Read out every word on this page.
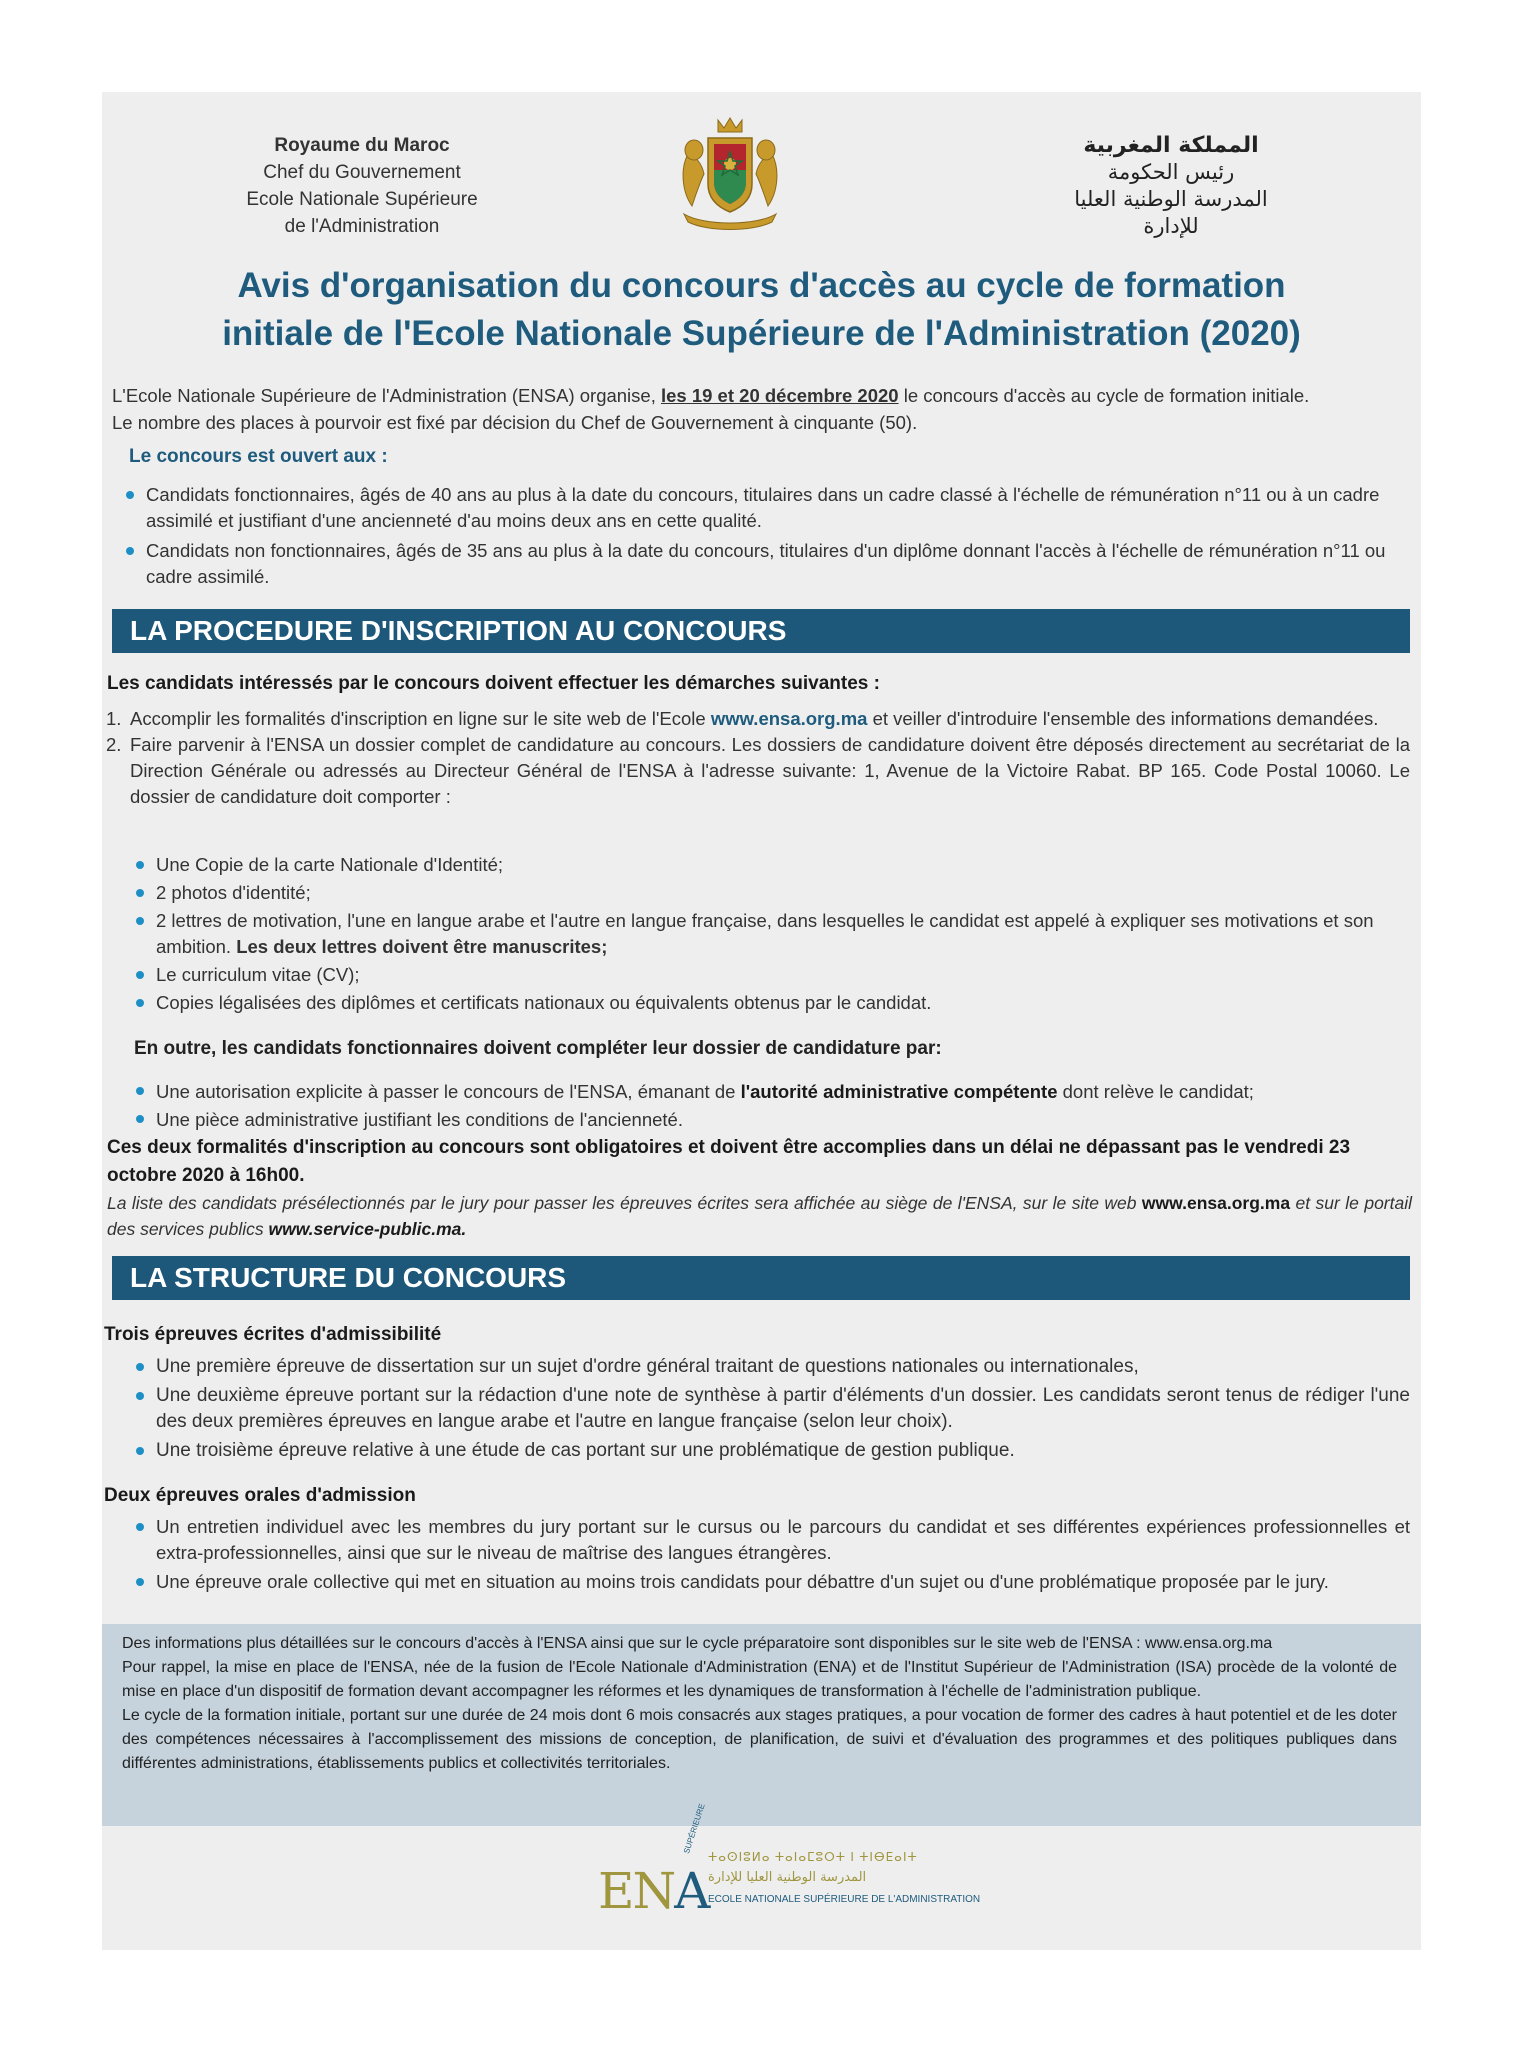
Royaume du Maroc
Chef du Gouvernement
Ecole Nationale Supérieure
de l'Administration
المملكة المغربية
رئيس الحكومة
المدرسة الوطنية العليا
للإدارة
Avis d'organisation du concours d'accès au cycle de formation
initiale de l'Ecole Nationale Supérieure de l'Administration (2020)
L'Ecole Nationale Supérieure de l'Administration (ENSA) organise, les 19 et 20 décembre 2020 le concours d'accès au cycle de formation initiale.
Le nombre des places à pourvoir est fixé par décision du Chef de Gouvernement à cinquante (50).
Le concours est ouvert aux :
Candidats fonctionnaires, âgés de 40 ans au plus à la date du concours, titulaires dans un cadre classé à l'échelle de rémunération n°11 ou à un cadre assimilé et justifiant d'une ancienneté d'au moins deux ans en cette qualité.
Candidats non fonctionnaires, âgés de 35 ans au plus à la date du concours, titulaires d'un diplôme donnant l'accès à l'échelle de rémunération n°11 ou cadre assimilé.
LA PROCEDURE D'INSCRIPTION AU CONCOURS
Les candidats intéressés par le concours doivent effectuer les démarches suivantes :
1. Accomplir les formalités d'inscription en ligne sur le site web de l'Ecole www.ensa.org.ma et veiller d'introduire l'ensemble des informations demandées.
2. Faire parvenir à l'ENSA un dossier complet de candidature au concours. Les dossiers de candidature doivent être déposés directement au secrétariat de la Direction Générale ou adressés au Directeur Général de l'ENSA à l'adresse suivante: 1, Avenue de la Victoire Rabat. BP 165. Code Postal 10060. Le dossier de candidature doit comporter :
Une Copie de la carte Nationale d'Identité;
2 photos d'identité;
2 lettres de motivation, l'une en langue arabe et l'autre en langue française, dans lesquelles le candidat est appelé à expliquer ses motivations et son ambition. Les deux lettres doivent être manuscrites;
Le curriculum vitae (CV);
Copies légalisées des diplômes et certificats nationaux ou équivalents obtenus par le candidat.
En outre, les candidats fonctionnaires doivent compléter leur dossier de candidature par:
Une autorisation explicite à passer le concours de l'ENSA, émanant de l'autorité administrative compétente dont relève le candidat;
Une pièce administrative justifiant les conditions de l'ancienneté.
Ces deux formalités d'inscription au concours sont obligatoires et doivent être accomplies dans un délai ne dépassant pas le vendredi 23 octobre 2020 à 16h00.
La liste des candidats présélectionnés par le jury pour passer les épreuves écrites sera affichée au siège de l'ENSA, sur le site web www.ensa.org.ma et sur le portail des services publics www.service-public.ma.
LA STRUCTURE DU CONCOURS
Trois épreuves écrites d'admissibilité
Une première épreuve de dissertation sur un sujet d'ordre général traitant de questions nationales ou internationales,
Une deuxième épreuve portant sur la rédaction d'une note de synthèse à partir d'éléments d'un dossier. Les candidats seront tenus de rédiger l'une des deux premières épreuves en langue arabe et l'autre en langue française (selon leur choix).
Une troisième épreuve relative à une étude de cas portant sur une problématique de gestion publique.
Deux épreuves orales d'admission
Un entretien individuel avec les membres du jury portant sur le cursus ou le parcours du candidat et ses différentes expériences professionnelles et extra-professionnelles, ainsi que sur le niveau de maîtrise des langues étrangères.
Une épreuve orale collective qui met en situation au moins trois candidats pour débattre d'un sujet ou d'une problématique proposée par le jury.

Des informations plus détaillées sur le concours d'accès à l'ENSA ainsi que sur le cycle préparatoire sont disponibles sur le site web de l'ENSA : www.ensa.org.ma

Pour rappel, la mise en place de l'ENSA, née de la fusion de l'Ecole Nationale d'Administration (ENA) et de l'Institut Supérieur de l'Administration (ISA) procède de la volonté de mise en place d'un dispositif de formation devant accompagner les réformes et les dynamiques de transformation à l'échelle de l'administration publique.

Le cycle de la formation initiale, portant sur une durée de 24 mois dont 6 mois consacrés aux stages pratiques, a pour vocation de former des cadres à haut potentiel et de les doter des compétences nécessaires à l'accomplissement des missions de conception, de planification, de suivi et d'évaluation des programmes et des politiques publiques dans différentes administrations, établissements publics et collectivités territoriales.

ENA
SUPÉRIEURE
ⵜⴰⵙⵏⵓⵍⴰ ⵜⴰⵏⴰⵎⵓⵔⵜ ⵏ ⵜⵏⴱⴹⴰⵏⵜ
المدرسة الوطنية العليا للإدارة
ECOLE NATIONALE SUPÉRIEURE DE L'ADMINISTRATION
